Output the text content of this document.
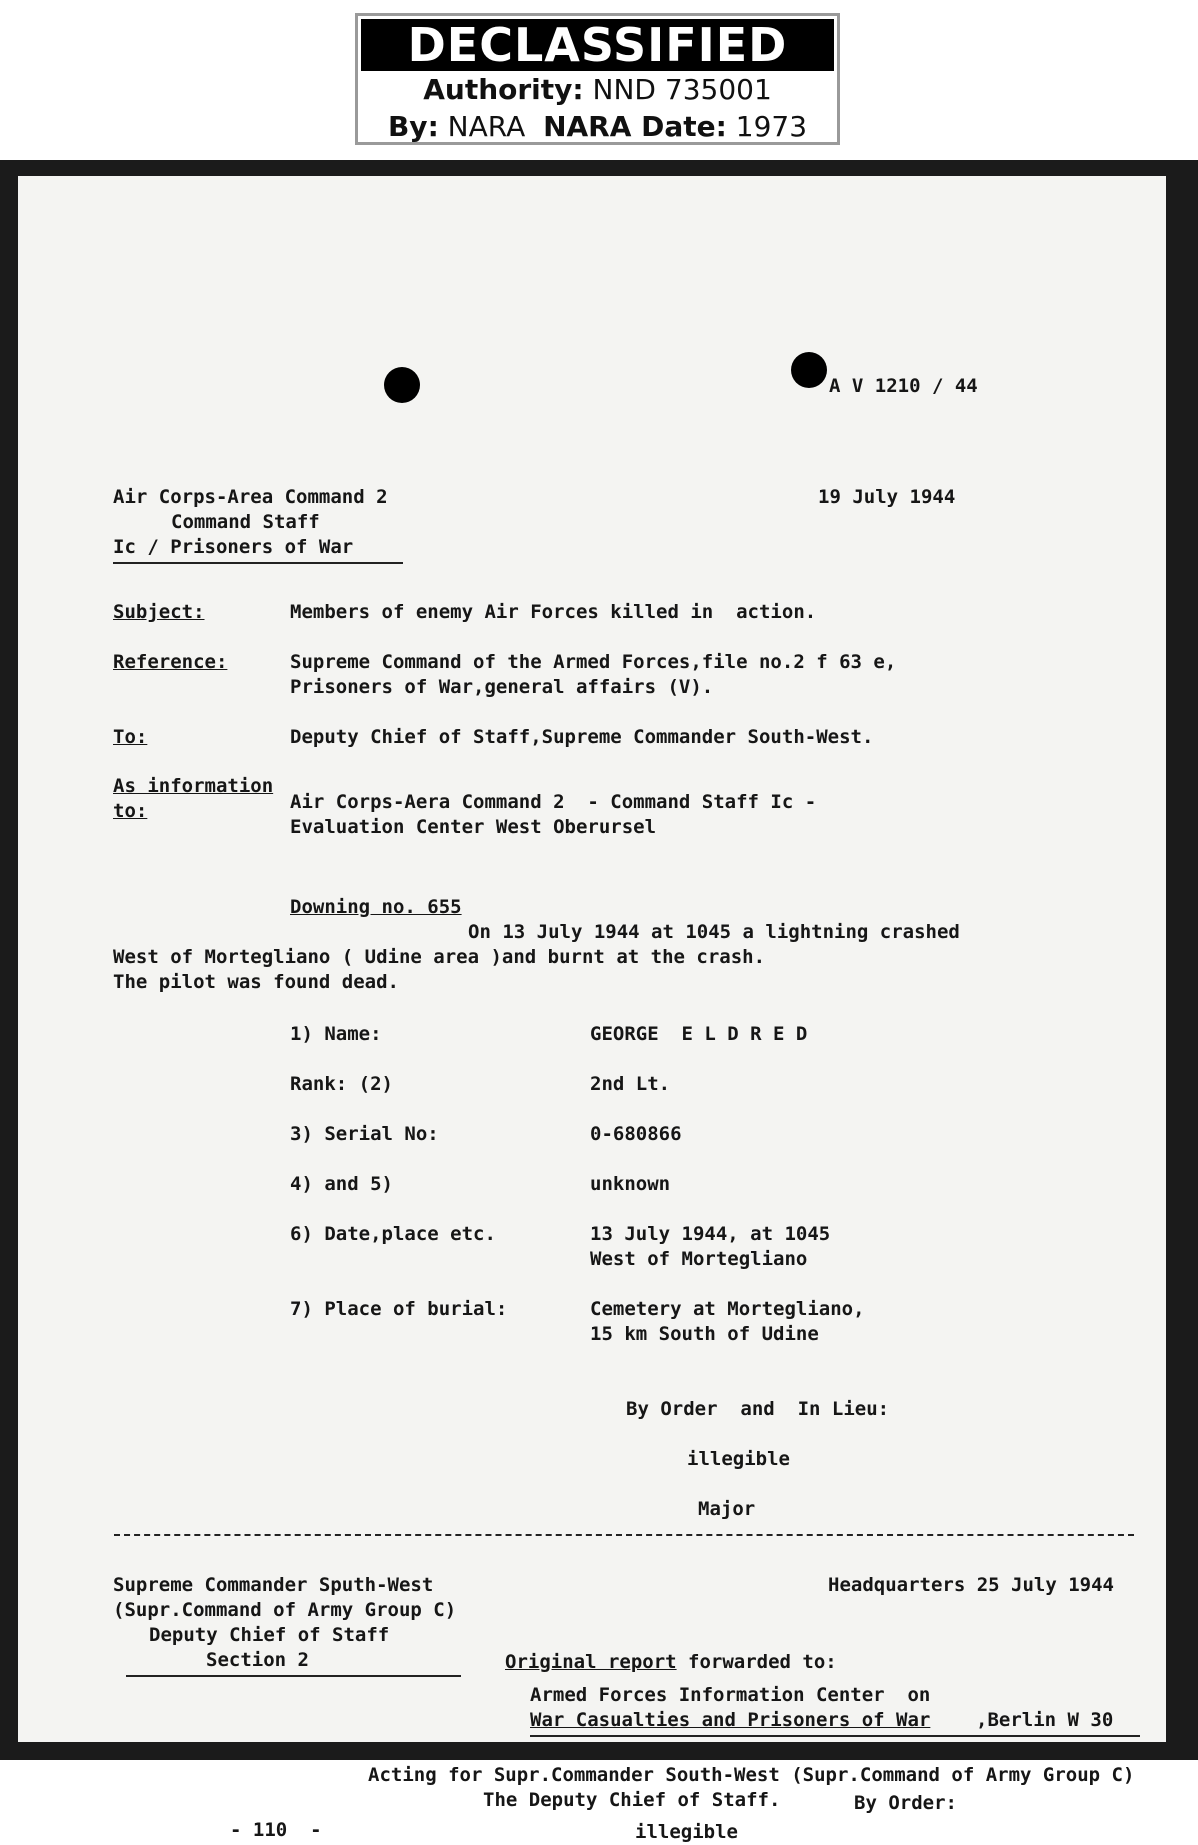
DECLASSIFIED
Authority: NND 735001
By: NARA NARA Date: 1973
A V 1210 / 44
Air Corps-Area Command 2
Command Staff
Ic / Prisoners of War
19 July 1944
Subject:	Members of enemy Air Forces killed in  action.
Reference:	Supreme Command of the Armed Forces,file no.2 f 63 e,
Prisoners of War,general affairs (V).
To:	Deputy Chief of Staff,Supreme Commander South-West.
As information
to:	Air Corps-Aera Command 2  - Command Staff Ic -
Evaluation Center West Oberursel
Downing no. 655
On 13 July 1944 at 1045 a lightning crashed
West of Mortegliano ( Udine area )and burnt at the crash.
The pilot was found dead.
1) Name:	GEORGE  E L D R E D
Rank: (2)	2nd Lt.
3) Serial No:	0-680866
4) and 5)	unknown
6) Date,place etc.	13 July 1944, at 1045
West of Mortegliano
7) Place of burial:	Cemetery at Mortegliano,
15 km South of Udine
By Order  and  In Lieu:
illegible
Major
Supreme Commander Sputh-West
(Supr.Command of Army Group C)
Deputy Chief of Staff
Section 2
Headquarters 25 July 1944
Original report forwarded to:
Armed Forces Information Center  on
War Casualties and Prisoners of War ,Berlin W 30
Acting for Supr.Commander South-West (Supr.Command of Army Group C)
The Deputy Chief of Staff.	By Order:
- 110  -	illegible
